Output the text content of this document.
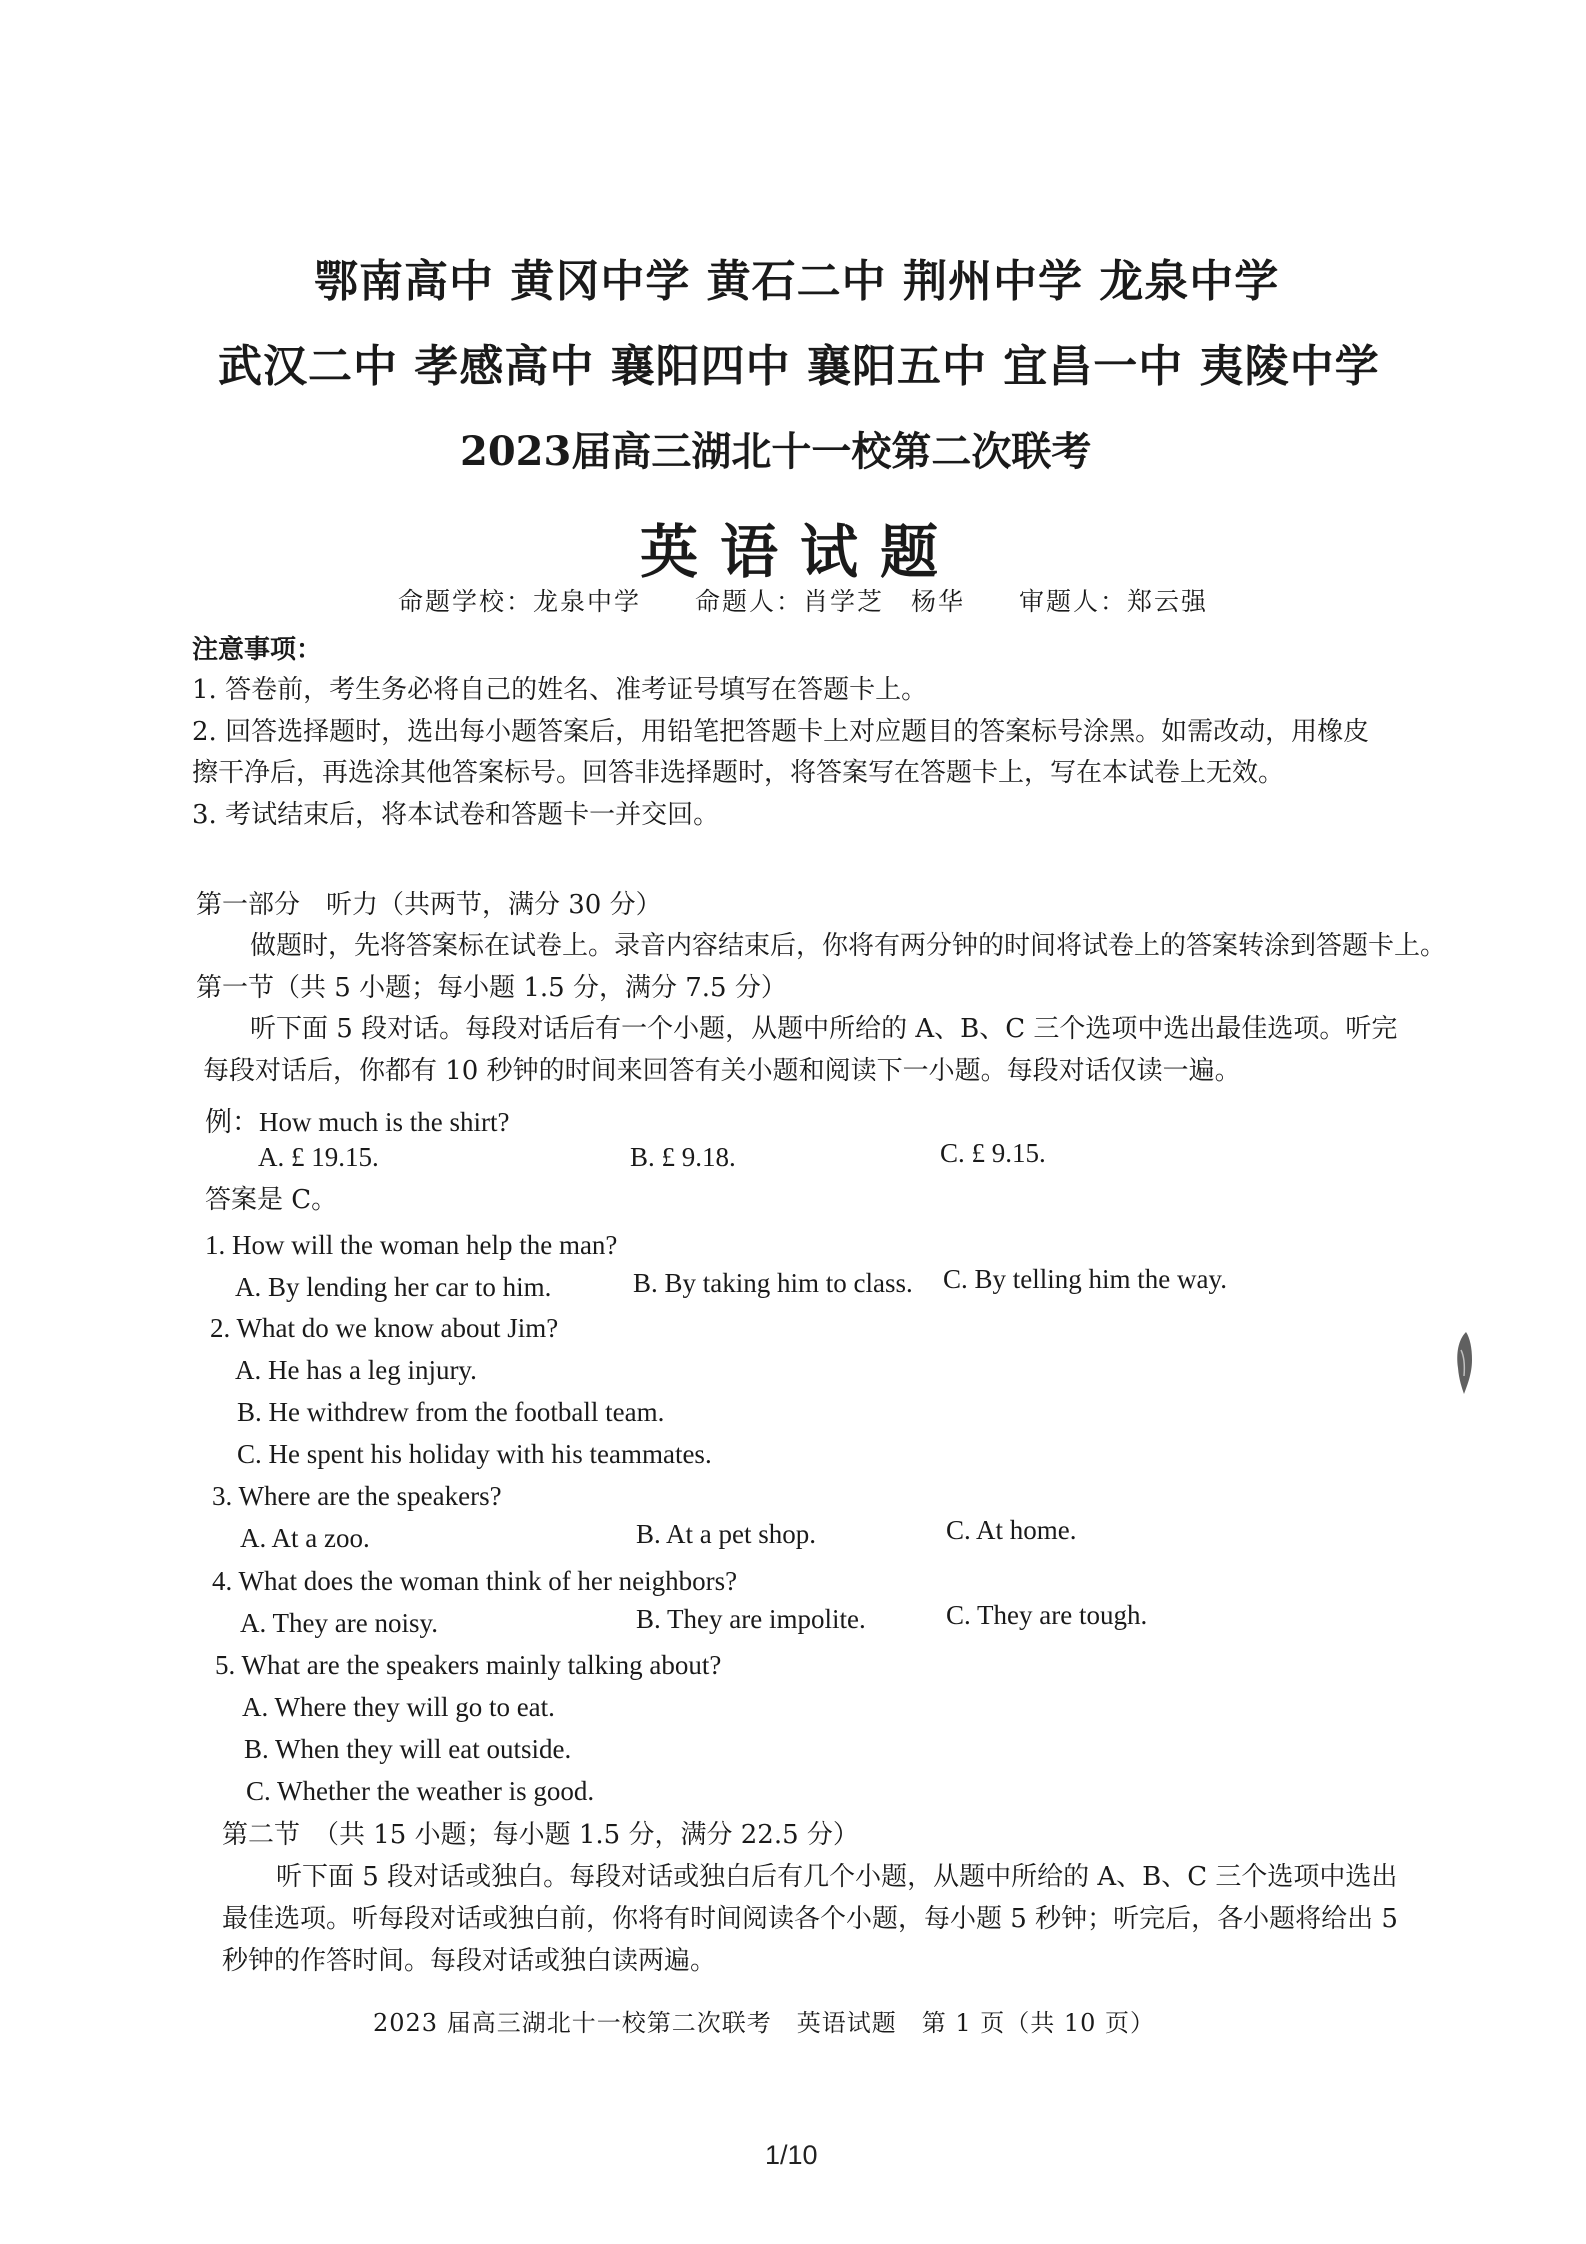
鄂南高中 黄冈中学 黄石二中 荆州中学 龙泉中学
武汉二中 孝感高中 襄阳四中 襄阳五中 宜昌一中 夷陵中学
2023届高三湖北十一校第二次联考
英语试题
命题学校：龙泉中学　　命题人：肖学芝　杨华　　审题人：郑云强
注意事项：
1. 答卷前，考生务必将自己的姓名、准考证号填写在答题卡上。
2. 回答选择题时，选出每小题答案后，用铅笔把答题卡上对应题目的答案标号涂黑。如需改动，用橡皮
擦干净后，再选涂其他答案标号。回答非选择题时，将答案写在答题卡上，写在本试卷上无效。
3. 考试结束后，将本试卷和答题卡一并交回。
第一部分　听力（共两节，满分 30 分）
做题时，先将答案标在试卷上。录音内容结束后，你将有两分钟的时间将试卷上的答案转涂到答题卡上。
第一节（共 5 小题；每小题 1.5 分，满分 7.5 分）
听下面 5 段对话。每段对话后有一个小题，从题中所给的 A、B、C 三个选项中选出最佳选项。听完
每段对话后，你都有 10 秒钟的时间来回答有关小题和阅读下一小题。每段对话仅读一遍。
例：How much is the shirt?
A. £ 19.15.	B. £ 9.18.	C. £ 9.15.
答案是 C。
1. How will the woman help the man?
A. By lending her car to him.	B. By taking him to class. C. By telling him the way.
2. What do we know about Jim?
A. He has a leg injury.
B. He withdrew from the football team.
C. He spent his holiday with his teammates.
3. Where are the speakers?
A. At a zoo.	B. At a pet shop.	C. At home.
4. What does the woman think of her neighbors?
A. They are noisy.	B. They are impolite.	C. They are tough.
5. What are the speakers mainly talking about?
A. Where they will go to eat.
B. When they will eat outside.
C. Whether the weather is good.
第二节　（共 15 小题；每小题 1.5 分，满分 22.5 分）
听下面 5 段对话或独白。每段对话或独白后有几个小题，从题中所给的 A、B、C 三个选项中选出
最佳选项。听每段对话或独白前，你将有时间阅读各个小题，每小题 5 秒钟；听完后，各小题将给出 5
秒钟的作答时间。每段对话或独白读两遍。
2023 届高三湖北十一校第二次联考　英语试题　第 1 页（共 10 页）
1/10
